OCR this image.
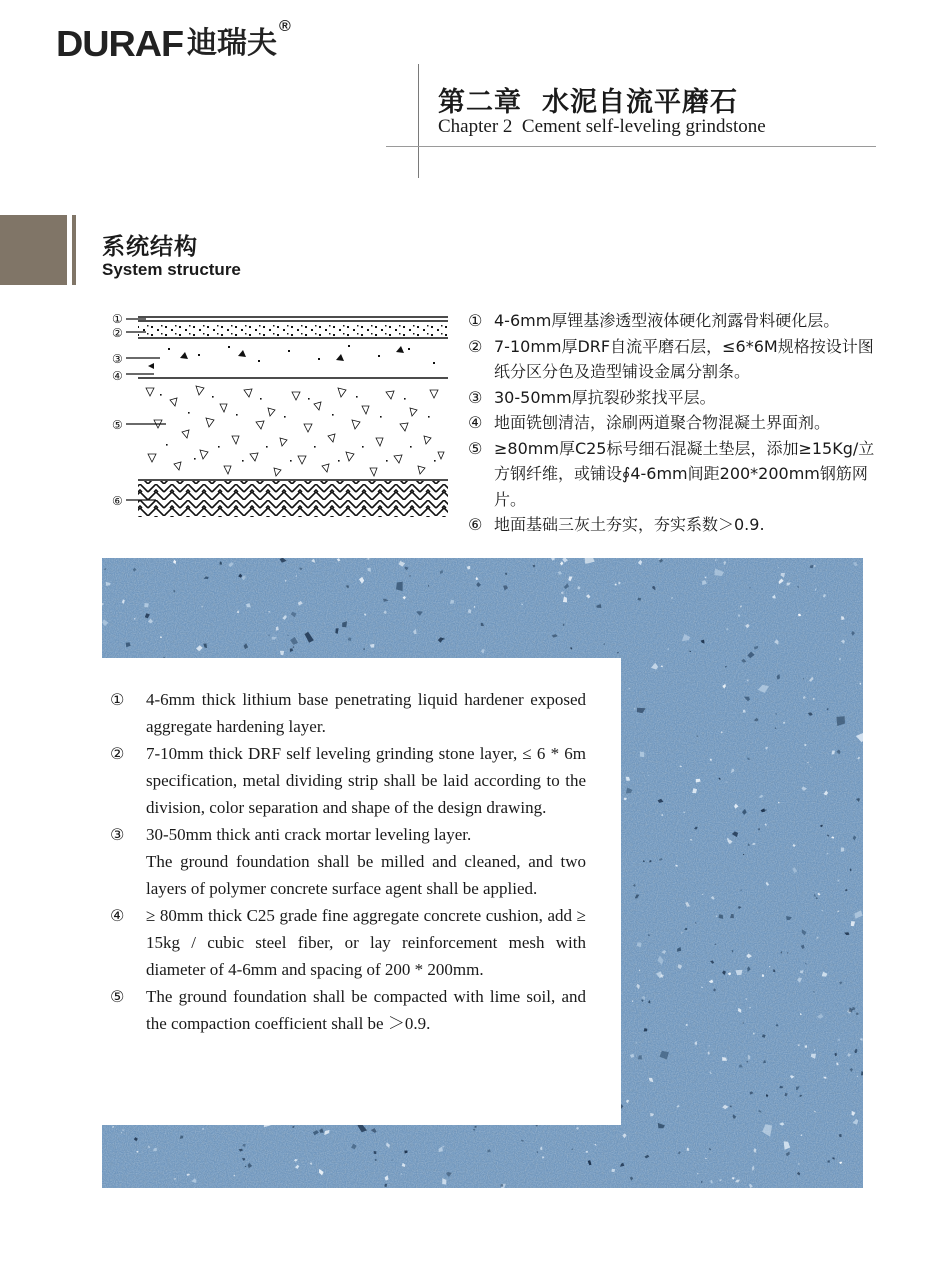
DURAF 迪瑞夫 ®
第二章 水泥自流平磨石
Chapter 2  Cement self-leveling grindstone
系统结构
System structure
①
②
③
④
⑤
⑥
① 4-6mm厚锂基渗透型液体硬化剂露骨料硬化层。
② 7-10mm厚DRF自流平磨石层，≤6*6M规格按设计图纸分区分色及造型铺设金属分割条。
③ 30-50mm厚抗裂砂浆找平层。
④ 地面铣刨清洁，涂刷两道聚合物混凝土界面剂。
⑤ ≥80mm厚C25标号细石混凝土垫层，添加≥15Kg/立方钢纤维，或铺设∮4-6mm间距200*200mm钢筋网片。
⑥ 地面基础三灰土夯实，夯实系数＞0.9.
①	4-6mm thick lithium base penetrating liquid hardener exposed aggregate hardening layer.
②	7-10mm thick DRF self leveling grinding stone layer, ≤ 6 * 6m specification, metal dividing strip shall be laid according to the division, color separation and shape of the design drawing.
③	30-50mm thick anti crack mortar leveling layer.
The ground foundation shall be milled and cleaned, and two layers of polymer concrete surface agent shall be applied.
④	≥ 80mm thick C25 grade fine aggregate concrete cushion, add ≥ 15kg / cubic steel fiber, or lay reinforcement mesh with diameter of 4-6mm and spacing of 200 * 200mm.
⑤	The ground foundation shall be compacted with lime soil, and the compaction coefficient shall be ＞0.9.
